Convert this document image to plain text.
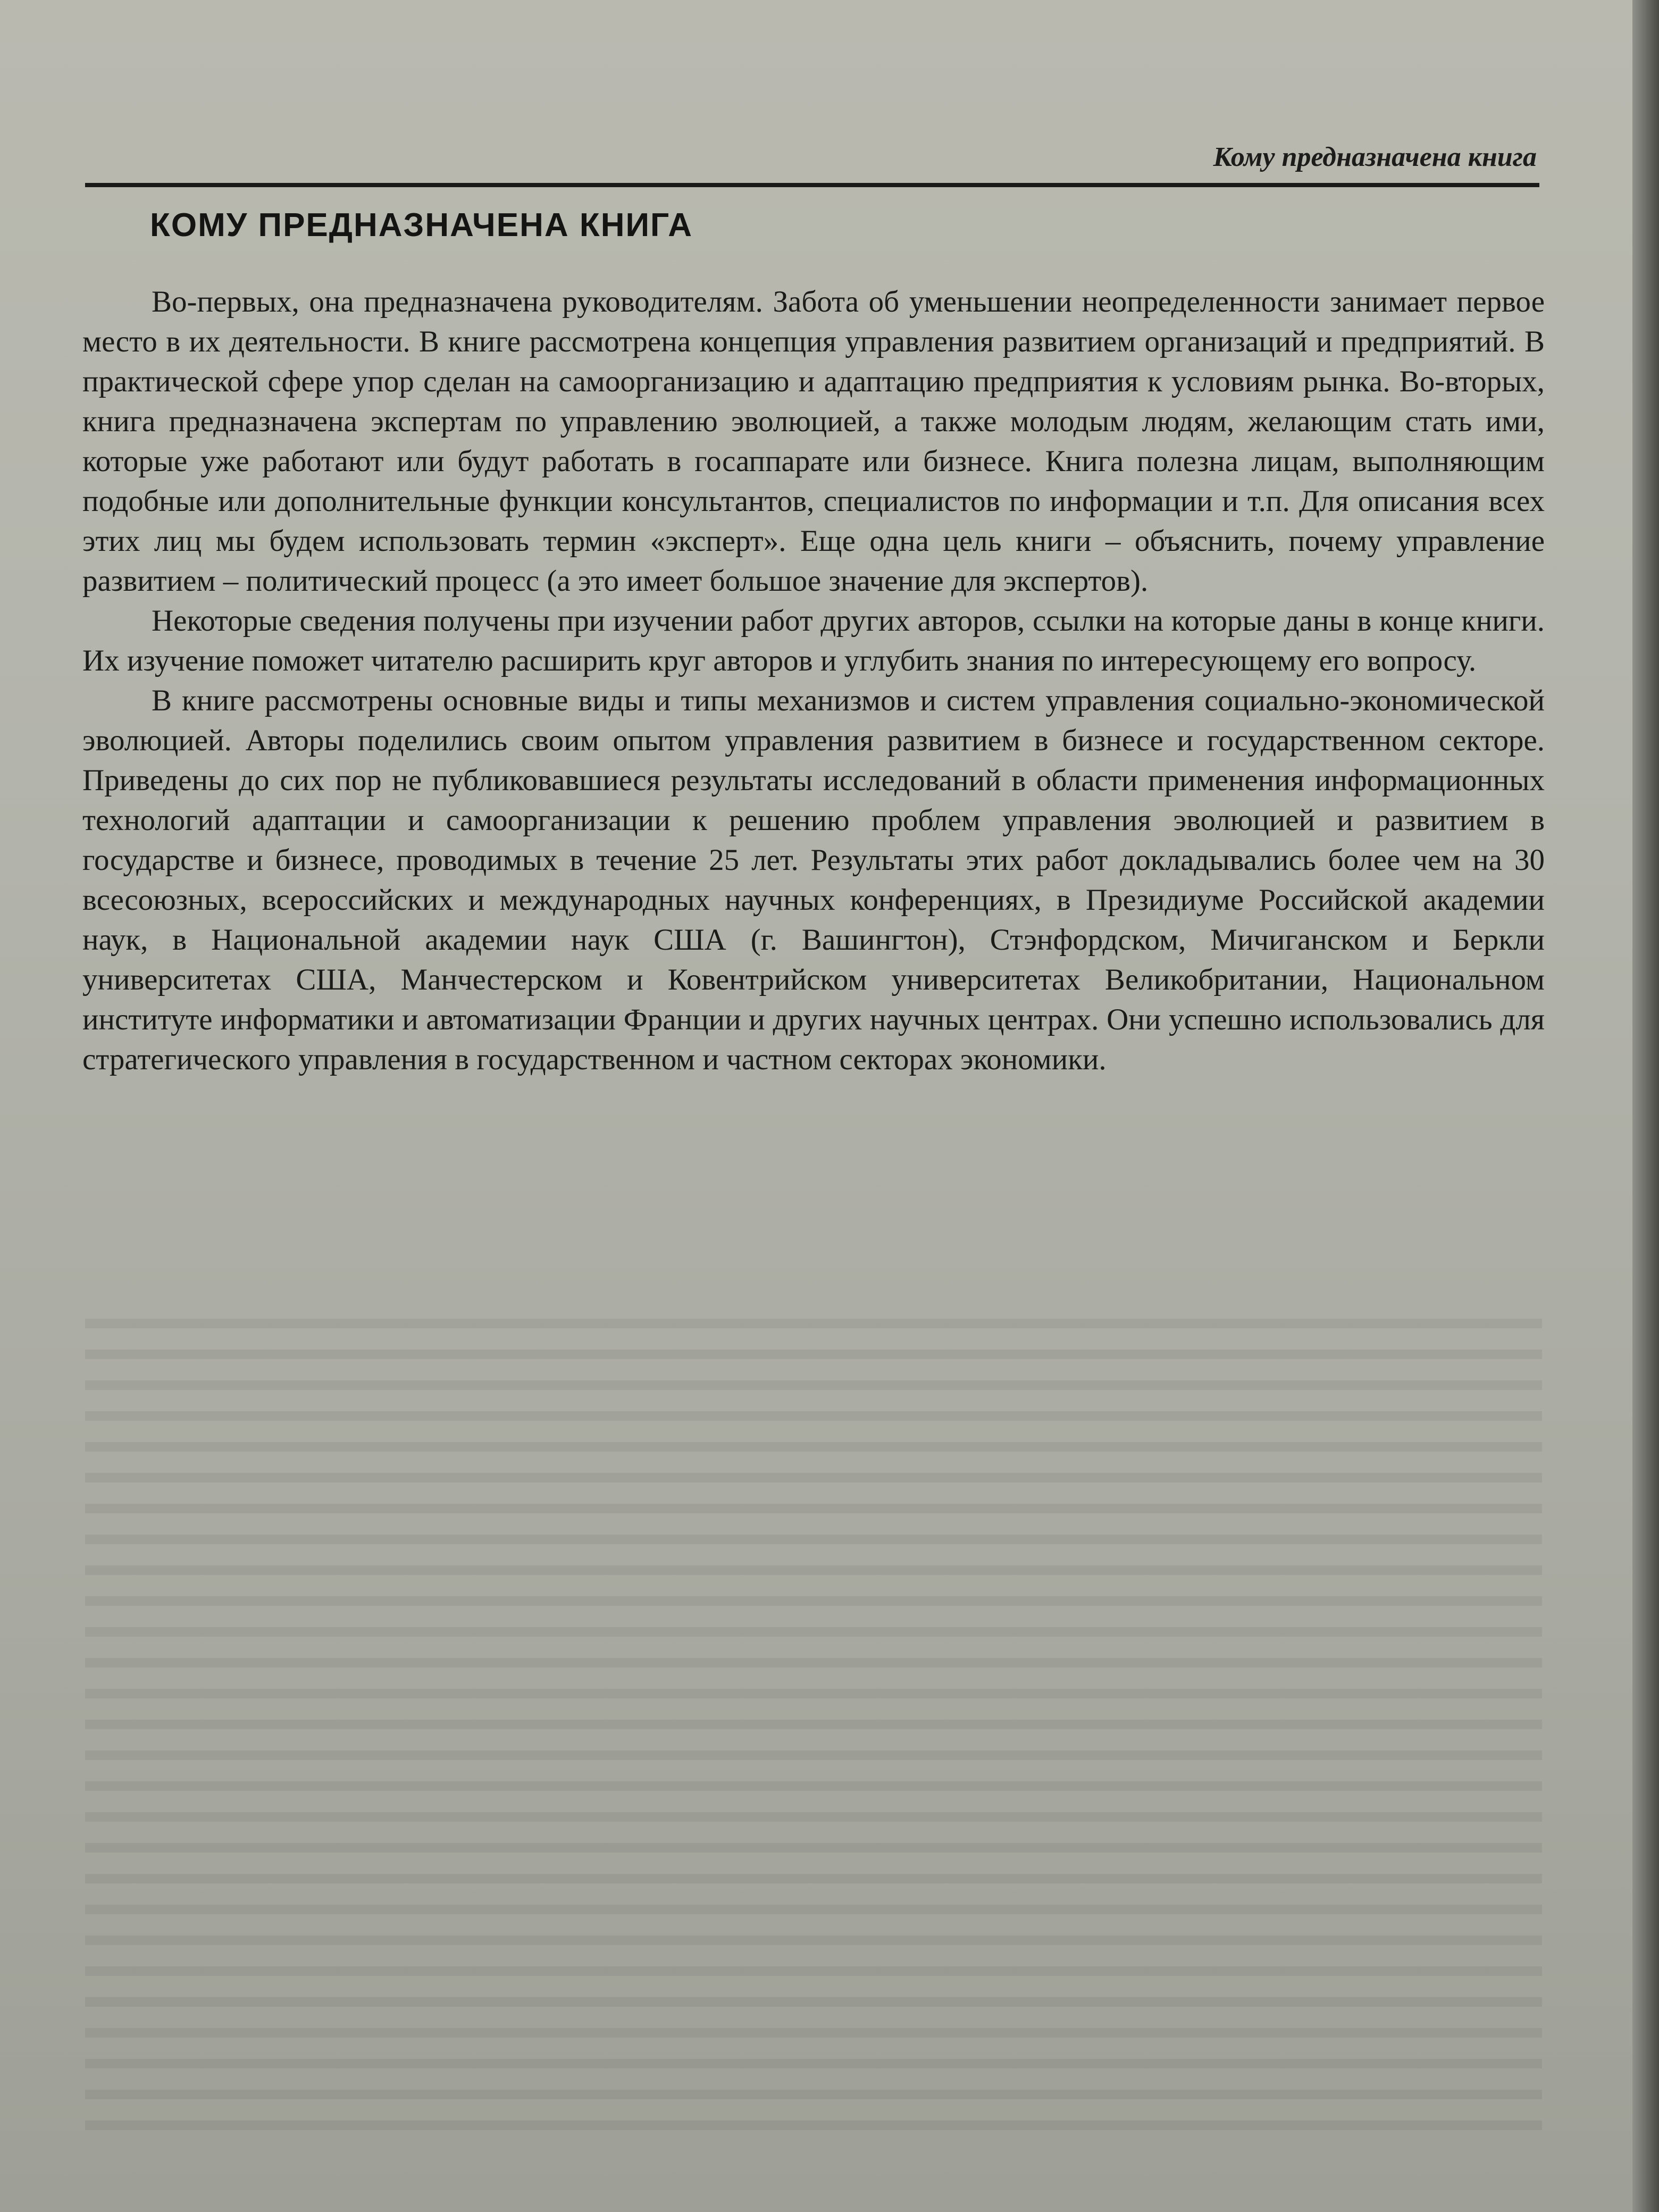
Кому предназначена книга
КОМУ ПРЕДНАЗНАЧЕНА КНИГА

Во-первых, она предназначена руководителям. Забота об уменьшении неопределенности занимает первое место в их деятельности. В книге рассмотрена концепция управления развитием организаций и предприятий. В практической сфере упор сделан на самоорганизацию и адаптацию предприятия к условиям рынка. Во-вторых, книга предназначена экспертам по управлению эволюцией, а также молодым людям, желающим стать ими, которые уже работают или будут работать в госаппарате или бизнесе. Книга полезна лицам, выполняющим подобные или дополнительные функции консультантов, специалистов по информации и т.п. Для описания всех этих лиц мы будем использовать термин «эксперт». Еще одна цель книги – объяснить, почему управление развитием – политический процесс (а это имеет большое значение для экспертов).

Некоторые сведения получены при изучении работ других авторов, ссылки на которые даны в конце книги. Их изучение поможет читателю расширить круг авторов и углубить знания по интересующему его вопросу.

В книге рассмотрены основные виды и типы механизмов и систем управления социально-экономической эволюцией. Авторы поделились своим опытом управления развитием в бизнесе и государственном секторе. Приведены до сих пор не публиковавшиеся результаты исследований в области применения информационных технологий адаптации и самоорганизации к решению проблем управления эволюцией и развитием в государстве и бизнесе, проводимых в течение 25 лет. Результаты этих работ докладывались более чем на 30 всесоюзных, всероссийских и международных научных конференциях, в Президиуме Российской академии наук, в Национальной академии наук США (г. Вашингтон), Стэнфордском, Мичиганском и Беркли университетах США, Манчестерском и Ковентрийском университетах Великобритании, Национальном институте информатики и автоматизации Франции и других научных центрах. Они успешно использовались для стратегического управления в государственном и частном секторах экономики.
